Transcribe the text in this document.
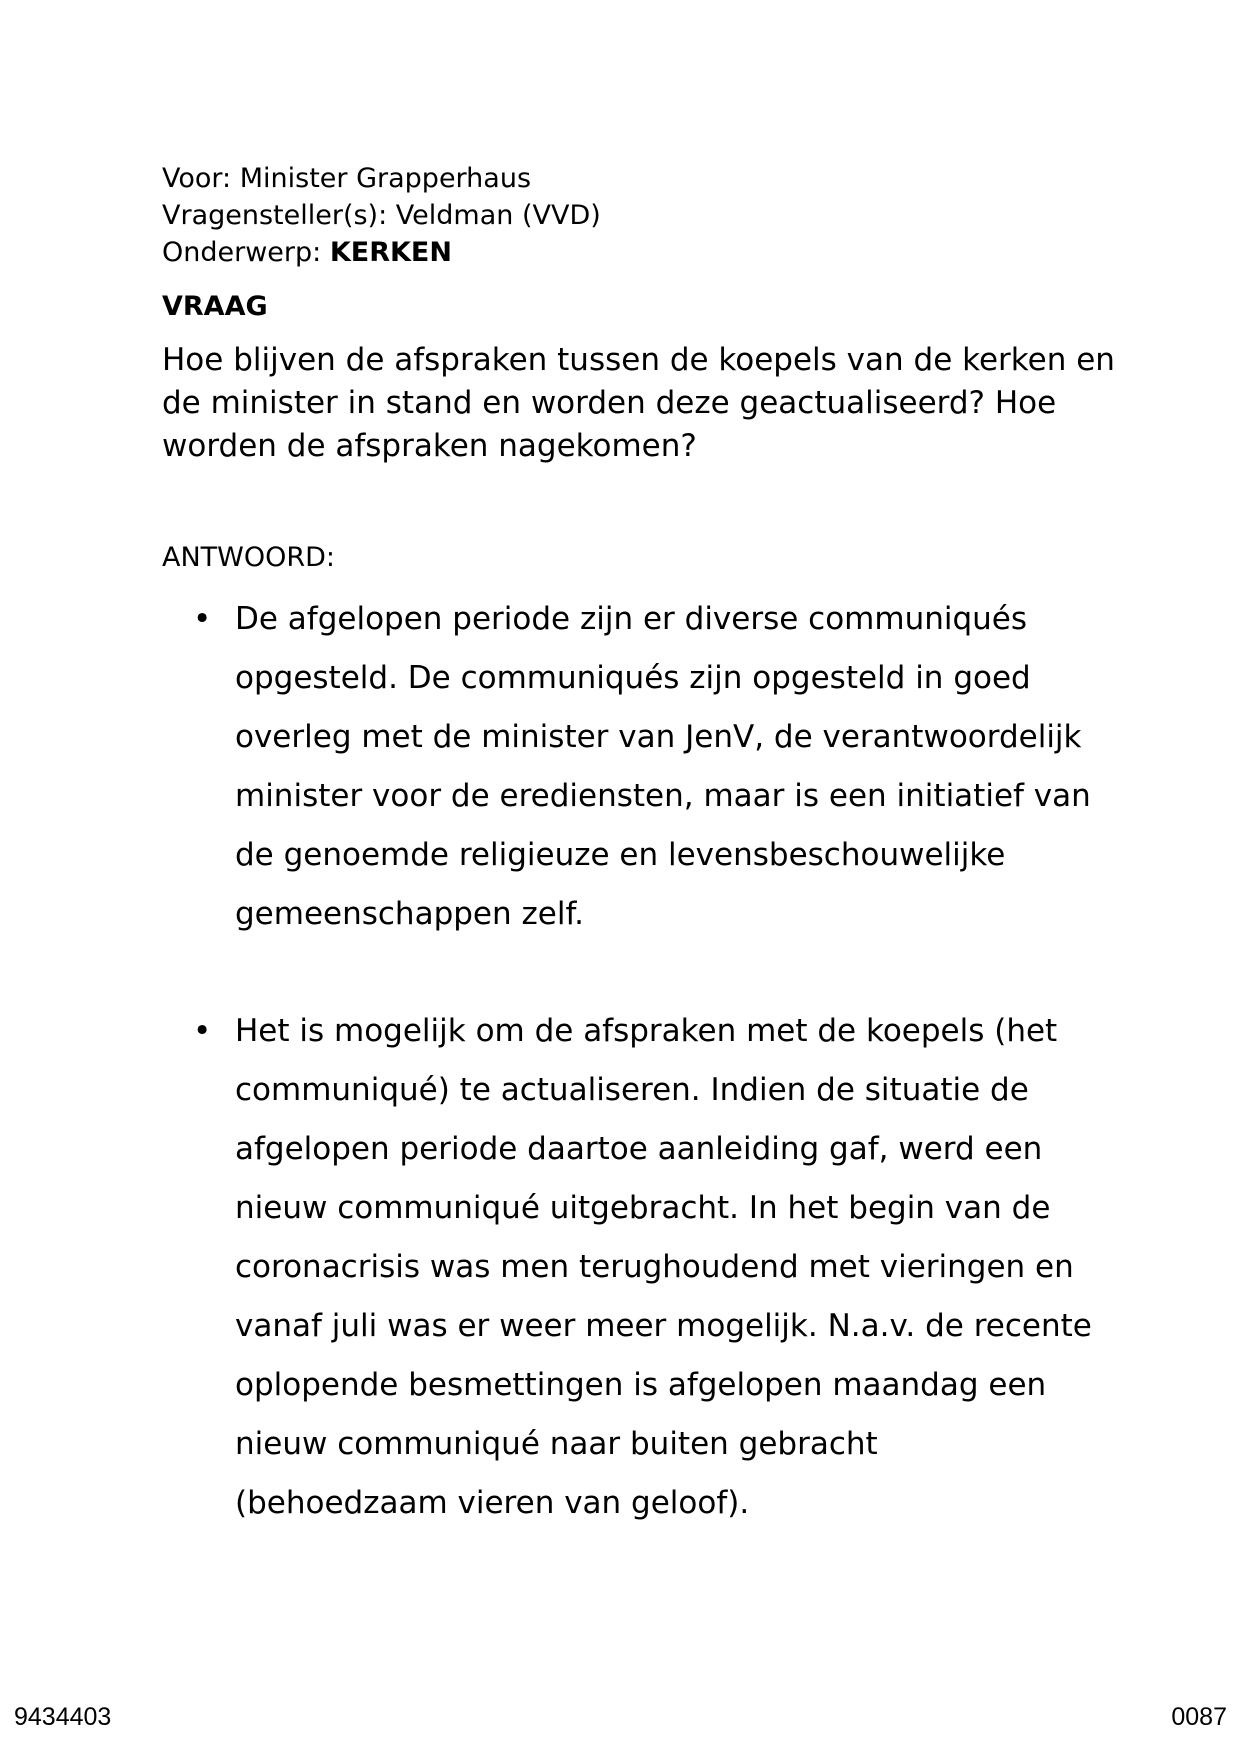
Voor: Minister Grapperhaus
Vragensteller(s): Veldman (VVD)
Onderwerp: KERKEN
VRAAG

Hoe blijven de afspraken tussen de koepels van de kerken en de minister in stand en worden deze geactualiseerd? Hoe worden de afspraken nagekomen?

ANTWOORD:
• De afgelopen periode zijn er diverse communiqués opgesteld. De communiqués zijn opgesteld in goed overleg met de minister van JenV, de verantwoordelijk minister voor de erediensten, maar is een initiatief van de genoemde religieuze en levensbeschouwelijke gemeenschappen zelf.
• Het is mogelijk om de afspraken met de koepels (het communiqué) te actualiseren. Indien de situatie de afgelopen periode daartoe aanleiding gaf, werd een nieuw communiqué uitgebracht. In het begin van de coronacrisis was men terughoudend met vieringen en vanaf juli was er weer meer mogelijk. N.a.v. de recente oplopende besmettingen is afgelopen maandag een nieuw communiqué naar buiten gebracht (behoedzaam vieren van geloof).
9434403	0087
